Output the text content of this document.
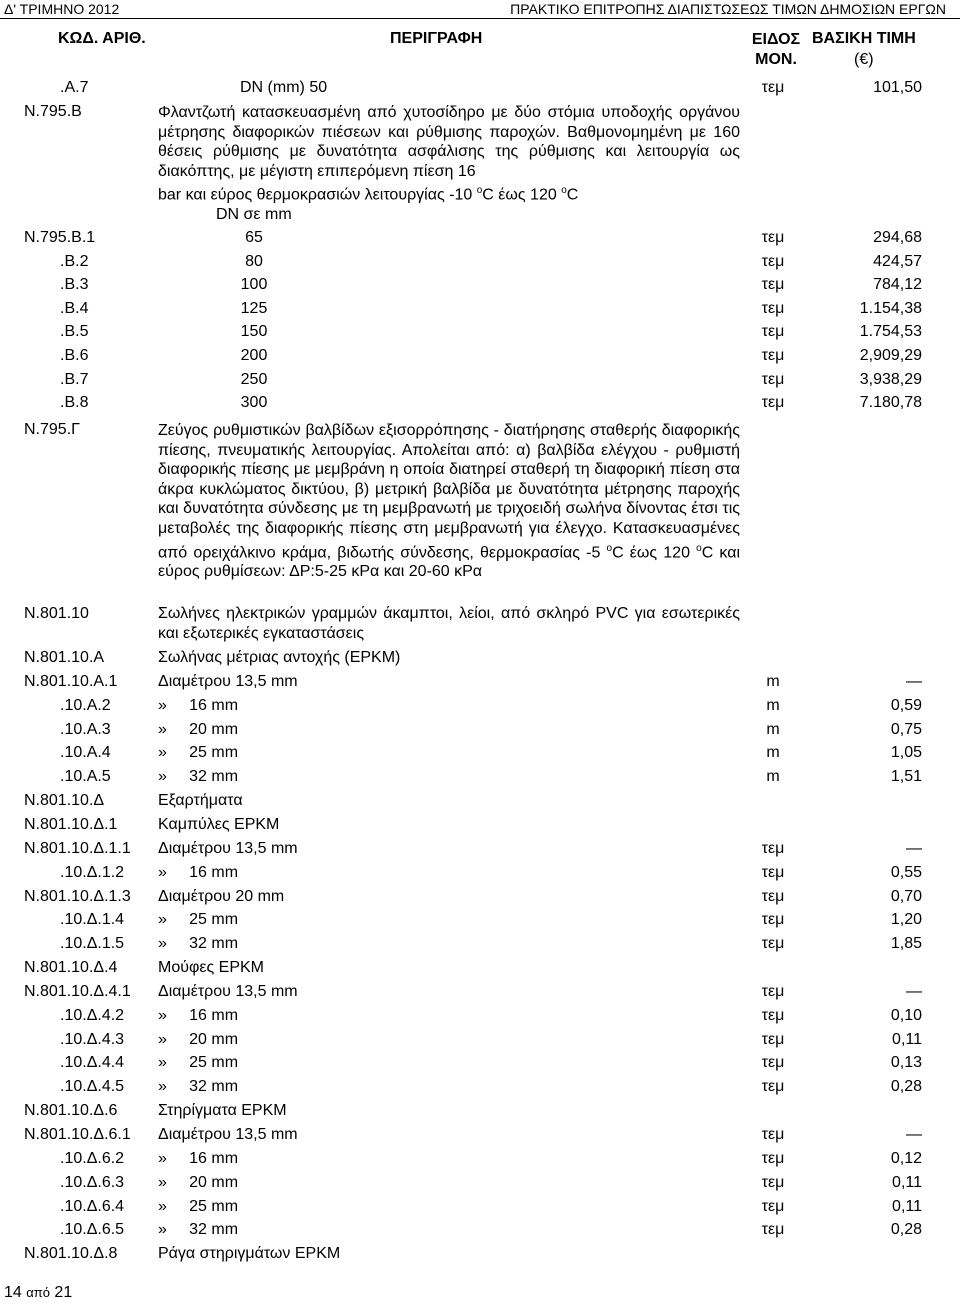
Δ' ΤΡΙΜΗΝΟ 2012	ΠΡΑΚΤΙΚΟ ΕΠΙΤΡΟΠΗΣ ΔΙΑΠΙΣΤΩΣΕΩΣ ΤΙΜΩΝ ΔΗΜΟΣΙΩΝ ΕΡΓΩΝ
ΚΩΔ. ΑΡΙΘ.	ΠΕΡΙΓΡΑΦΗ	ΕΙΔΟΣ ΜΟΝ.
ΒΑΣΙΚΗ ΤΙΜΗ
(€)
.Α.7	DN (mm) 50	τεμ	101,50
Ν.795.Β	Φλαντζωτή κατασκευασμένη από χυτοσίδηρο με δύο στόμια υποδοχής οργάνου μέτρησης διαφορικών πιέσεων και ρύθμισης παροχών. Βαθμονομημένη με 160 θέσεις ρύθμισης με δυνατότητα ασφάλισης της ρύθμισης και λειτουργία ως διακόπτης, με μέγιστη επιπερόμενη πίεση 16
bar και εύρος θερμοκρασιών λειτουργίας -10 $^o$C έως 120 $^o$C
DN σε mm
Ν.795.Β.1	65	τεμ	294,68
.Β.2	80	τεμ	424,57
.Β.3	100	τεμ	784,12
.Β.4	125	τεμ	1.154,38
.Β.5	150	τεμ	1.754,53
.Β.6	200	τεμ	2,909,29
.Β.7	250	τεμ	3,938,29
.Β.8	300	τεμ	7.180,78
Ν.795.Γ	Ζεύγος ρυθμιστικών βαλβίδων εξισορρόπησης - διατήρησης σταθερής διαφορικής πίεσης, πνευματικής λειτουργίας. Απολείται από: α) βαλβίδα ελέγχου - ρυθμιστή διαφορικής πίεσης με μεμβράνη η οποία διατηρεί σταθερή τη διαφορική πίεση στα άκρα κυκλώματος δικτύου, β) μετρική βαλβίδα με δυνατότητα μέτρησης παροχής και δυνατότητα σύνδεσης με τη μεμβρανωτή με τριχοειδή σωλήνα δίνοντας έτσι τις μεταβολές της διαφορικής πίεσης στη μεμβρανωτή για έλεγχο. Κατασκευασμένες από ορειχάλκινο κράμα, βιδωτής σύνδεσης, θερμοκρασίας -5 $^o$C έως 120 $^o$C και εύρος ρυθμίσεων: ΔΡ:5-25 κΡα και 20-60 κΡα
Ν.801.10	Σωλήνες ηλεκτρικών γραμμών άκαμπτοι, λείοι, από σκληρό PVC για εσωτερικές και εξωτερικές εγκαταστάσεις
Ν.801.10.Α	Σωλήνας μέτριας αντοχής (ΕΡΚΜ)
Ν.801.10.Α.1	Διαμέτρου 13,5 mm	m	—
.10.Α.2	»     16 mm	m	0,59
.10.Α.3	»     20 mm	m	0,75
.10.Α.4	»     25 mm	m	1,05
.10.Α.5	»     32 mm	m	1,51
Ν.801.10.Δ	Εξαρτήματα
Ν.801.10.Δ.1	Καμπύλες ΕΡΚΜ
Ν.801.10.Δ.1.1 Διαμέτρου 13,5 mm	τεμ	—
.10.Δ.1.2 »     16 mm	τεμ	0,55
Ν.801.10.Δ.1.3 Διαμέτρου 20 mm	τεμ	0,70
.10.Δ.1.4 »     25 mm	τεμ	1,20
.10.Δ.1.5 »     32 mm	τεμ	1,85
Ν.801.10.Δ.4	Μούφες ΕΡΚΜ
Ν.801.10.Δ.4.1 Διαμέτρου 13,5 mm	τεμ	—
.10.Δ.4.2 »     16 mm	τεμ	0,10
.10.Δ.4.3 »     20 mm	τεμ	0,11
.10.Δ.4.4 »     25 mm	τεμ	0,13
.10.Δ.4.5 »     32 mm	τεμ	0,28
Ν.801.10.Δ.6	Στηρίγματα ΕΡΚΜ
Ν.801.10.Δ.6.1 Διαμέτρου 13,5 mm	τεμ	—
.10.Δ.6.2 »     16 mm	τεμ	0,12
.10.Δ.6.3 »     20 mm	τεμ	0,11
.10.Δ.6.4 »     25 mm	τεμ	0,11
.10.Δ.6.5 »     32 mm	τεμ	0,28
Ν.801.10.Δ.8	Ράγα στηριγμάτων ΕΡΚΜ
14 από 21
